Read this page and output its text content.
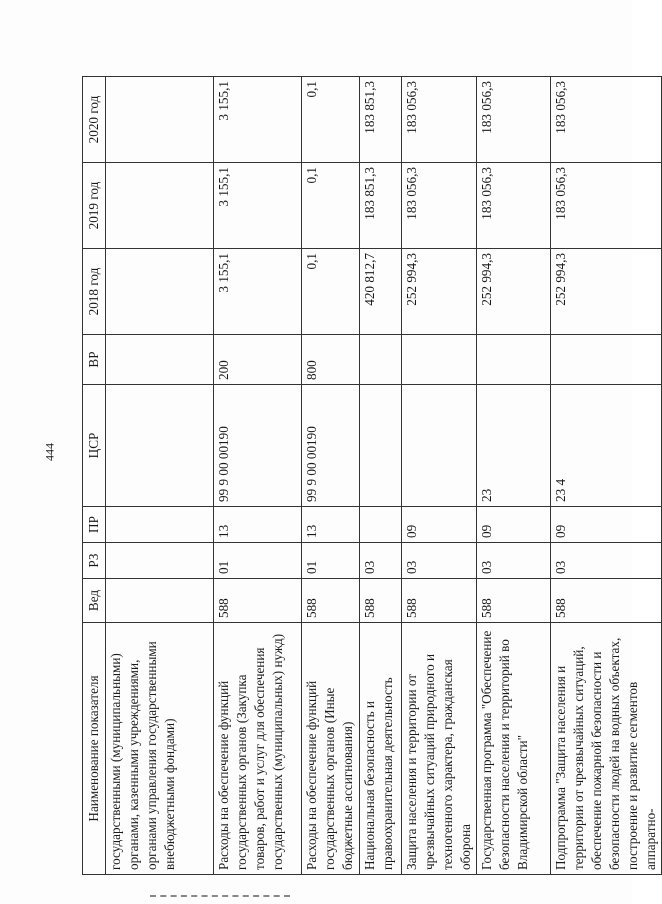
444
Наименование показателя	Вед	РЗ	ПР	ЦСР	ВР	2018 год	2019 год	2020 год
государственными (муниципальными) органами, казенными учреждениями, органами управления государственными внебюджетными фондами)								
Расходы на обеспечение функций государственных органов (Закупка товаров, работ и услуг для обеспечения государственных (муниципальных) нужд)	588	01	13	99 9 00 00190	200	3 155,1	3 155,1	3 155,1
Расходы на обеспечение функций государственных органов (Иные бюджетные ассигнования)	588	01	13	99 9 00 00190	800	0,1	0,1	0,1
Национальная безопасность и правоохранительная деятельность	588	03				420 812,7	183 851,3	183 851,3
Защита населения и территории от чрезвычайных ситуаций природного и техногенного характера, гражданская оборона	588	03	09			252 994,3	183 056,3	183 056,3
Государственная программа "Обеспечение безопасности населения и территорий во Владимирской области"	588	03	09	23		252 994,3	183 056,3	183 056,3
Подпрограмма "Защита населения и территории от чрезвычайных ситуаций, обеспечение пожарной безопасности и безопасности людей на водных объектах, построение и развитие сегментов аппаратно-	588	03	09	23 4		252 994,3	183 056,3	183 056,3
